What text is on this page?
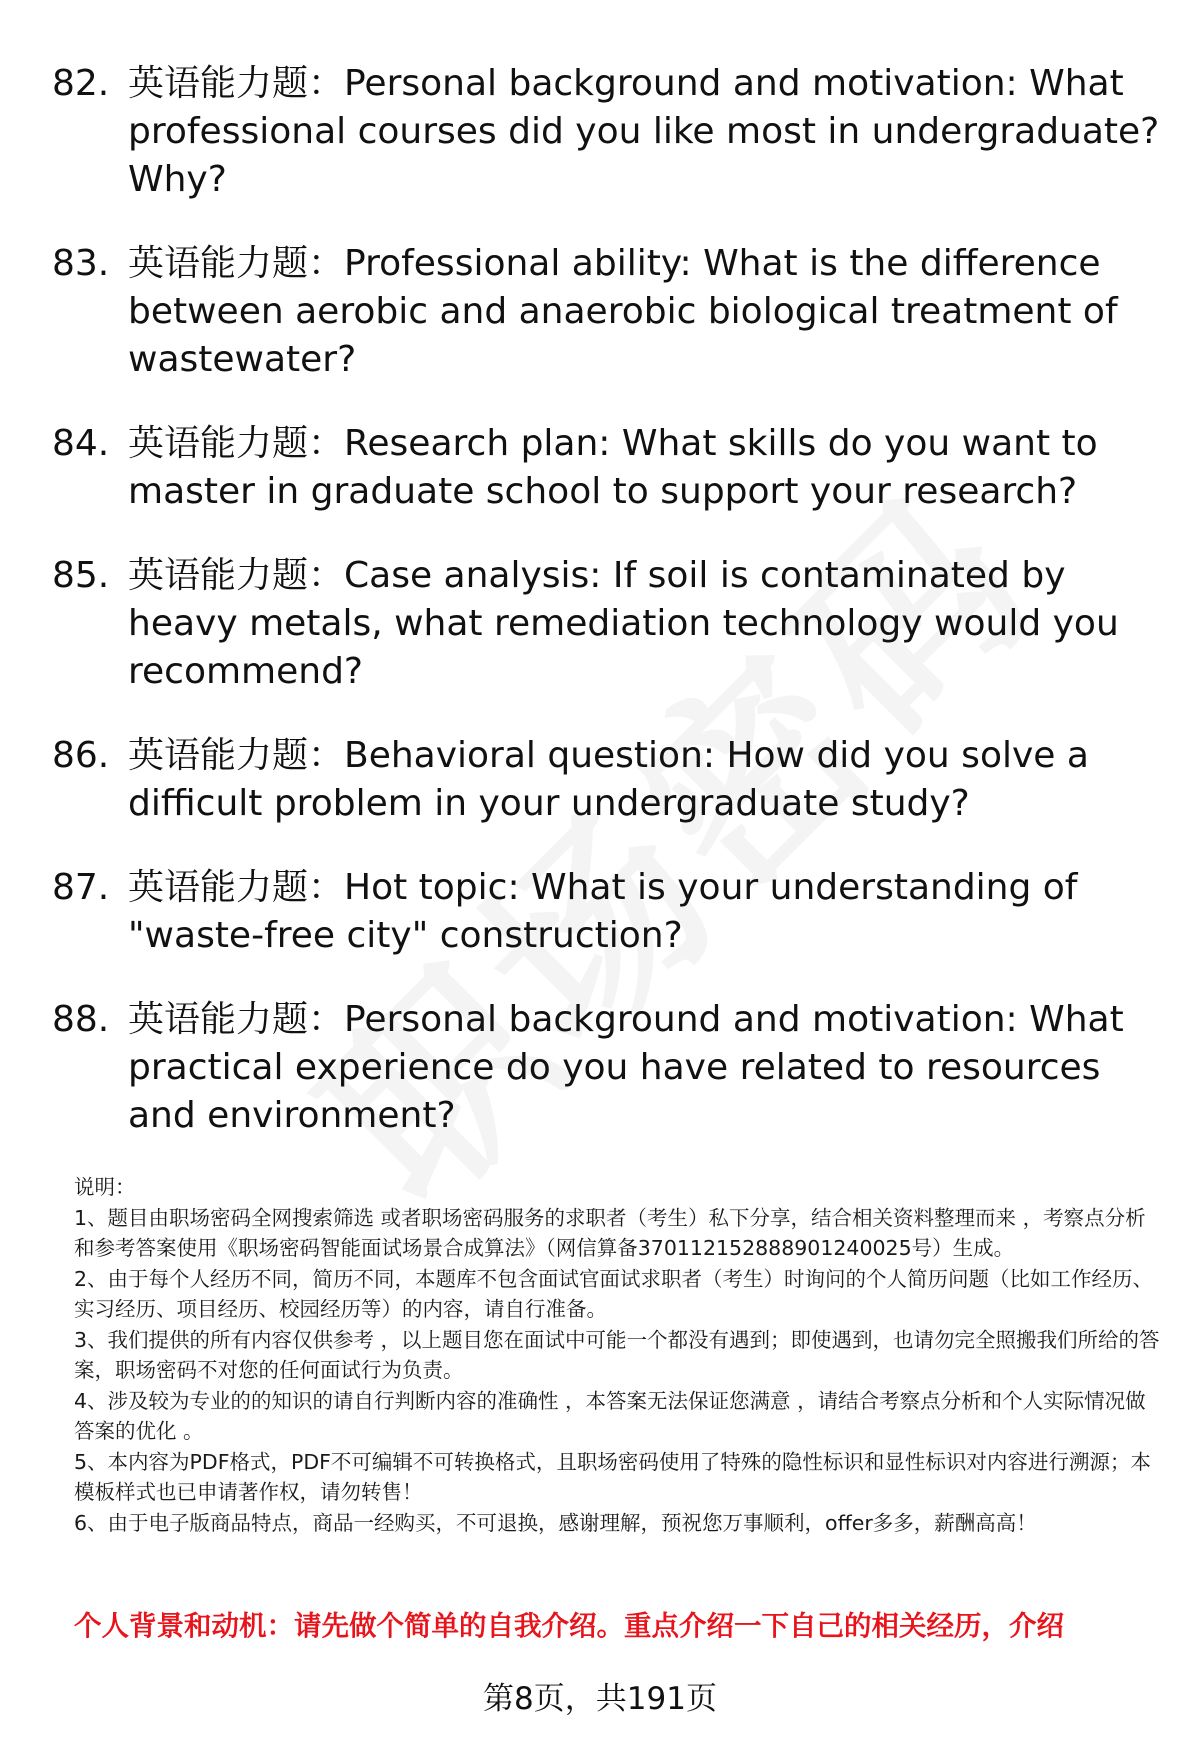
82. 英语能力题：Personal background and motivation: What professional courses did you like most in undergraduate? Why?
83. 英语能力题：Professional ability: What is the difference between aerobic and anaerobic biological treatment of wastewater?
84. 英语能力题：Research plan: What skills do you want to master in graduate school to support your research?
85. 英语能力题：Case analysis: If soil is contaminated by heavy metals, what remediation technology would you recommend?
86. 英语能力题：Behavioral question: How did you solve a difficult problem in your undergraduate study?
87. 英语能力题：Hot topic: What is your understanding of "waste-free city" construction?
88. 英语能力题：Personal background and motivation: What practical experience do you have related to resources and environment?

说明：

1、题目由职场密码全网搜索筛选 或者职场密码服务的求职者（考生）私下分享，结合相关资料整理而来 ，考察点分析和参考答案使用《职场密码智能面试场景合成算法》（网信算备370112152888901240025号）生成。

2、由于每个人经历不同，简历不同，本题库不包含面试官面试求职者（考生）时询问的个人简历问题（比如工作经历、实习经历、项目经历、校园经历等）的内容，请自行准备。

3、我们提供的所有内容仅供参考 ，以上题目您在面试中可能一个都没有遇到；即使遇到，也请勿完全照搬我们所给的答案，职场密码不对您的任何面试行为负责。

4、涉及较为专业的的知识的请自行判断内容的准确性 ，本答案无法保证您满意 ，请结合考察点分析和个人实际情况做答案的优化 。

5、本内容为PDF格式，PDF不可编辑不可转换格式，且职场密码使用了特殊的隐性标识和显性标识对内容进行溯源；本模板样式也已申请著作权，请勿转售！

6、由于电子版商品特点，商品一经购买，不可退换，感谢理解，预祝您万事顺利，offer多多，薪酬高高！

个人背景和动机：请先做个简单的自我介绍。重点介绍一下自己的相关经历，介绍
第8页，共191页
